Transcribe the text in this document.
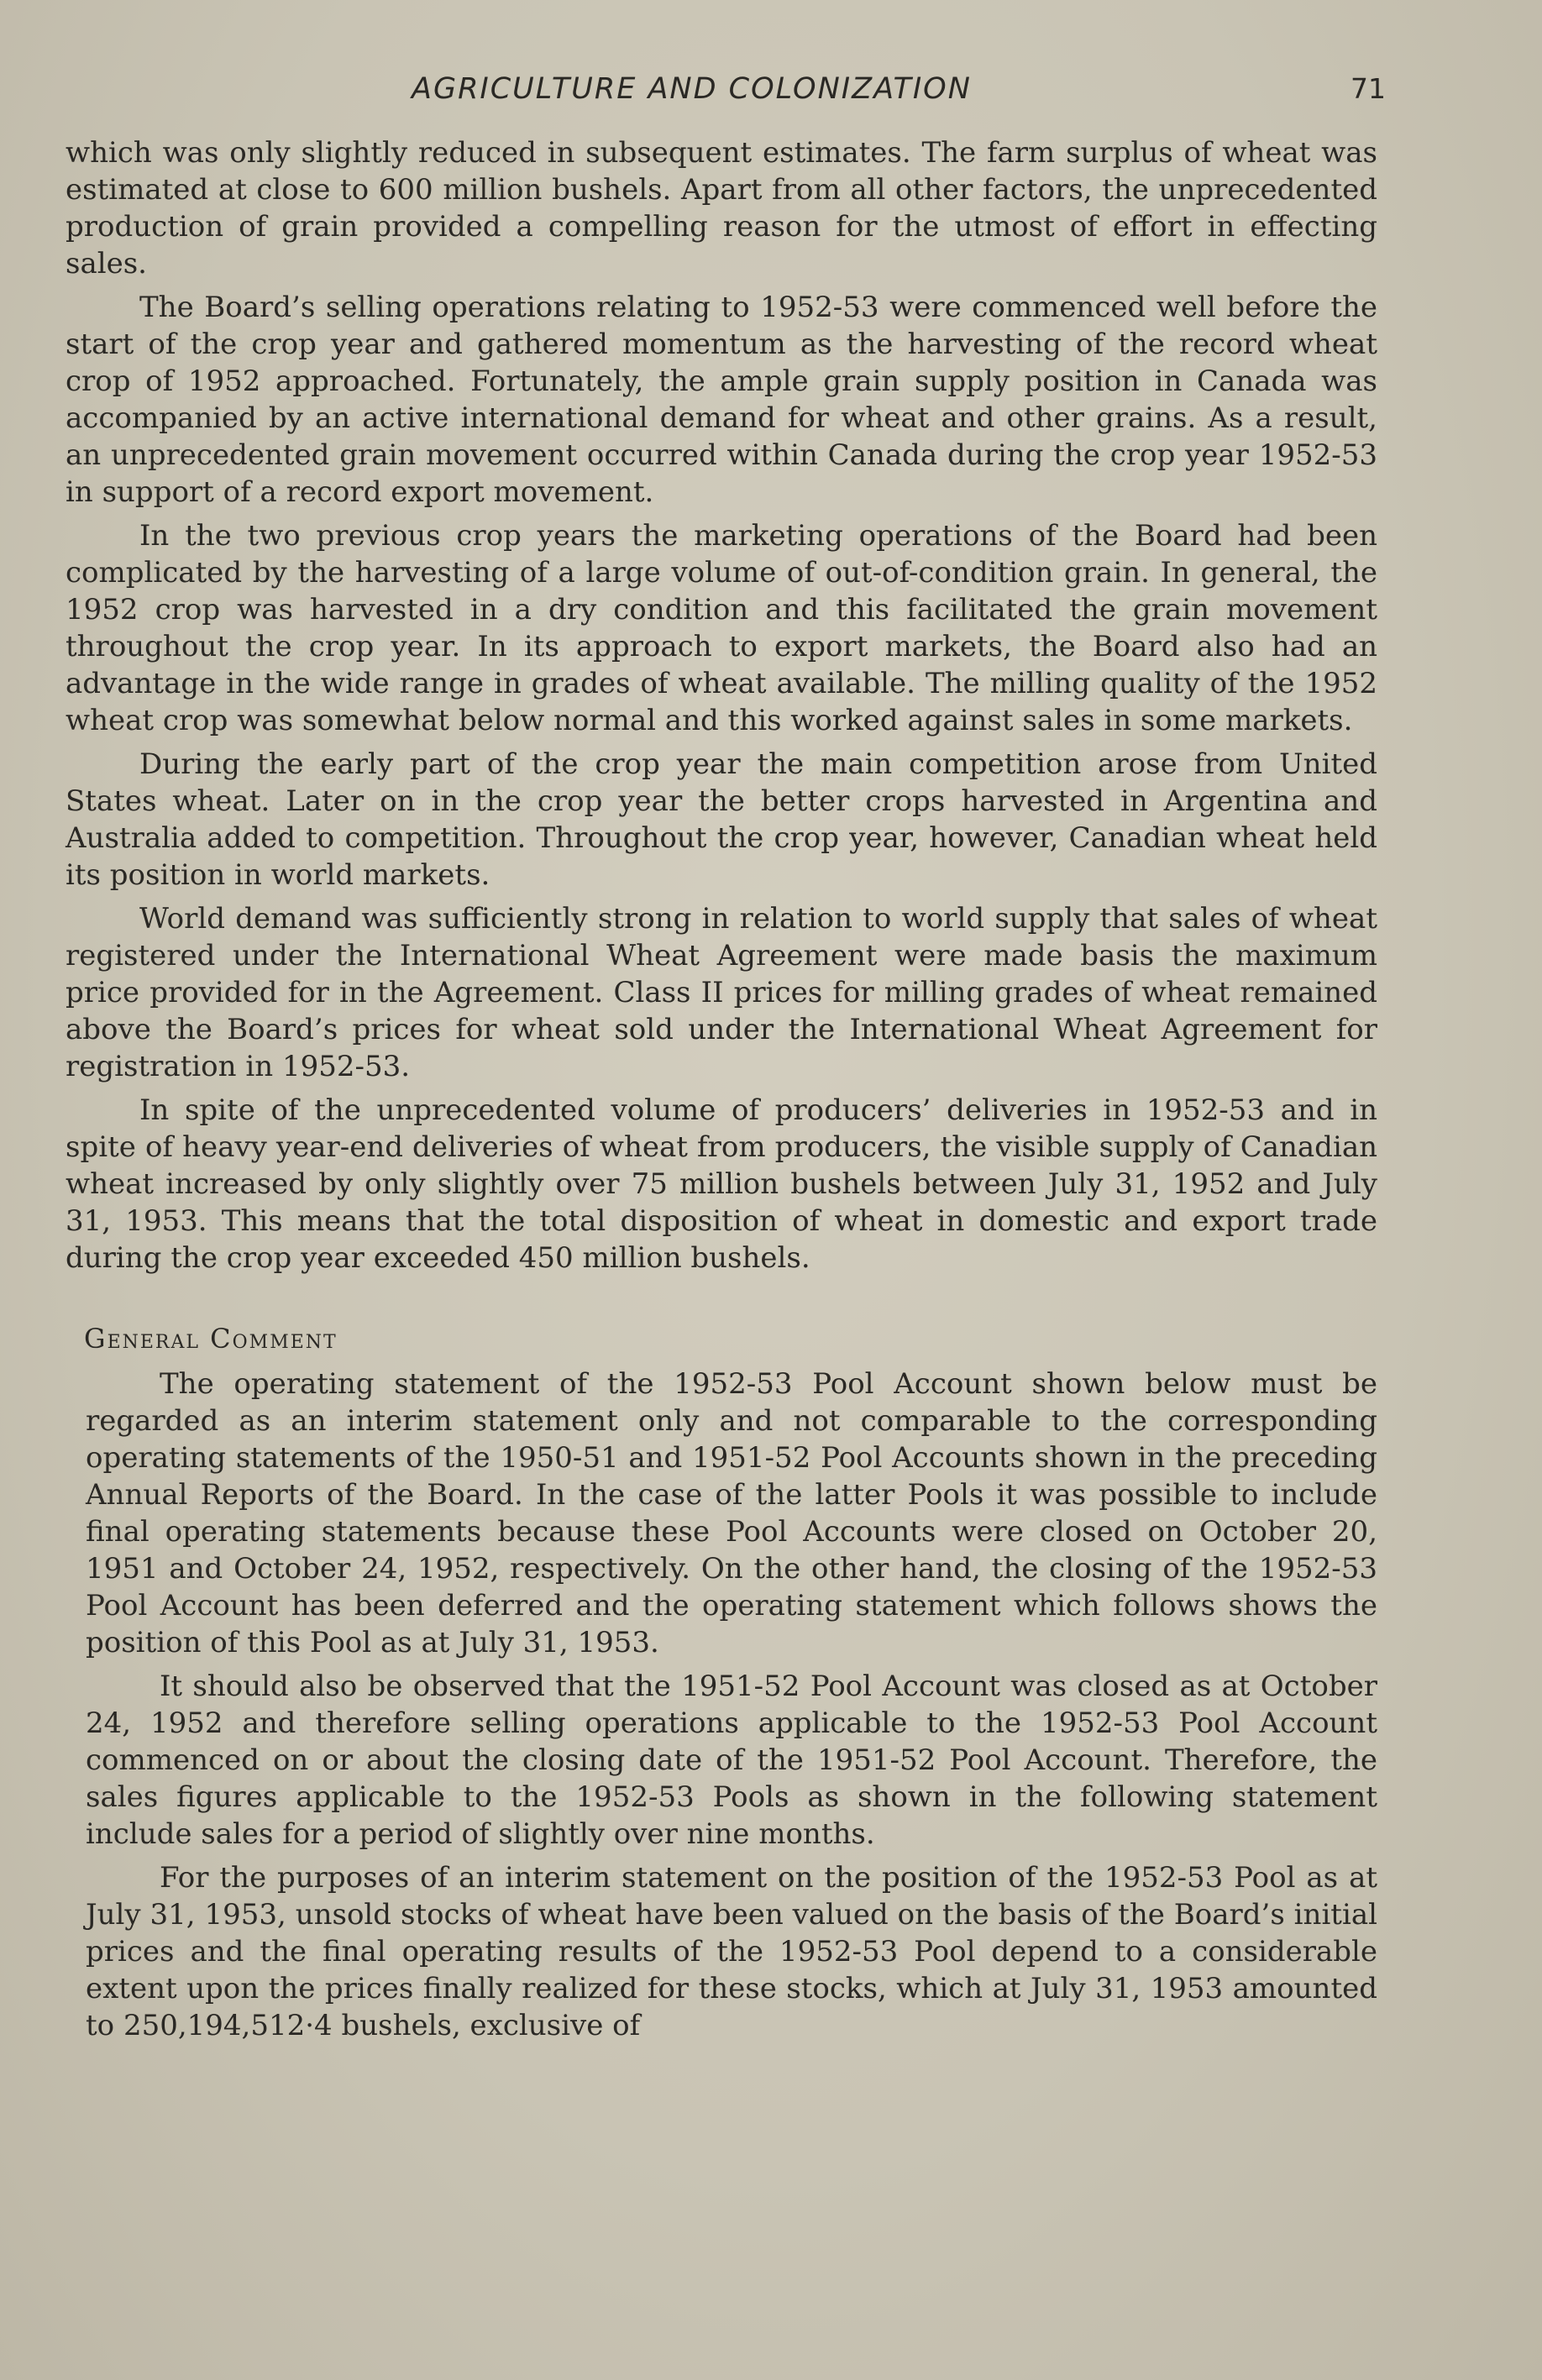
AGRICULTURE AND COLONIZATION	71

which was only slightly reduced in subsequent estimates. The farm surplus of wheat was estimated at close to 600 million bushels. Apart from all other factors, the unprecedented production of grain provided a compelling reason for the utmost of effort in effecting sales.

The Board’s selling operations relating to 1952-53 were commenced well before the start of the crop year and gathered momentum as the harvesting of the record wheat crop of 1952 approached. Fortunately, the ample grain supply position in Canada was accompanied by an active international demand for wheat and other grains. As a result, an unprecedented grain movement occurred within Canada during the crop year 1952-53 in support of a record export movement.

In the two previous crop years the marketing operations of the Board had been complicated by the harvesting of a large volume of out-of-condition grain. In general, the 1952 crop was harvested in a dry condition and this facilitated the grain movement throughout the crop year. In its approach to export markets, the Board also had an advantage in the wide range in grades of wheat available. The milling quality of the 1952 wheat crop was somewhat below normal and this worked against sales in some markets.

During the early part of the crop year the main competition arose from United States wheat. Later on in the crop year the better crops harvested in Argentina and Australia added to competition. Throughout the crop year, however, Canadian wheat held its position in world markets.

World demand was sufficiently strong in relation to world supply that sales of wheat registered under the International Wheat Agreement were made basis the maximum price provided for in the Agreement. Class II prices for milling grades of wheat remained above the Board’s prices for wheat sold under the International Wheat Agreement for registration in 1952-53.

In spite of the unprecedented volume of producers’ deliveries in 1952-53 and in spite of heavy year-end deliveries of wheat from producers, the visible supply of Canadian wheat increased by only slightly over 75 million bushels between July 31, 1952 and July 31, 1953. This means that the total disposition of wheat in domestic and export trade during the crop year exceeded 450 million bushels.

General Comment

The operating statement of the 1952-53 Pool Account shown below must be regarded as an interim statement only and not comparable to the corresponding operating statements of the 1950-51 and 1951-52 Pool Accounts shown in the preceding Annual Reports of the Board. In the case of the latter Pools it was possible to include final operating statements because these Pool Accounts were closed on October 20, 1951 and October 24, 1952, respectively. On the other hand, the closing of the 1952-53 Pool Account has been deferred and the operating statement which follows shows the position of this Pool as at July 31, 1953.

It should also be observed that the 1951-52 Pool Account was closed as at October 24, 1952 and therefore selling operations applicable to the 1952-53 Pool Account commenced on or about the closing date of the 1951-52 Pool Account. Therefore, the sales figures applicable to the 1952-53 Pools as shown in the following statement include sales for a period of slightly over nine months.

For the purposes of an interim statement on the position of the 1952-53 Pool as at July 31, 1953, unsold stocks of wheat have been valued on the basis of the Board’s initial prices and the final operating results of the 1952-53 Pool depend to a considerable extent upon the prices finally realized for these stocks, which at July 31, 1953 amounted to 250,194,512·4 bushels, exclusive of
